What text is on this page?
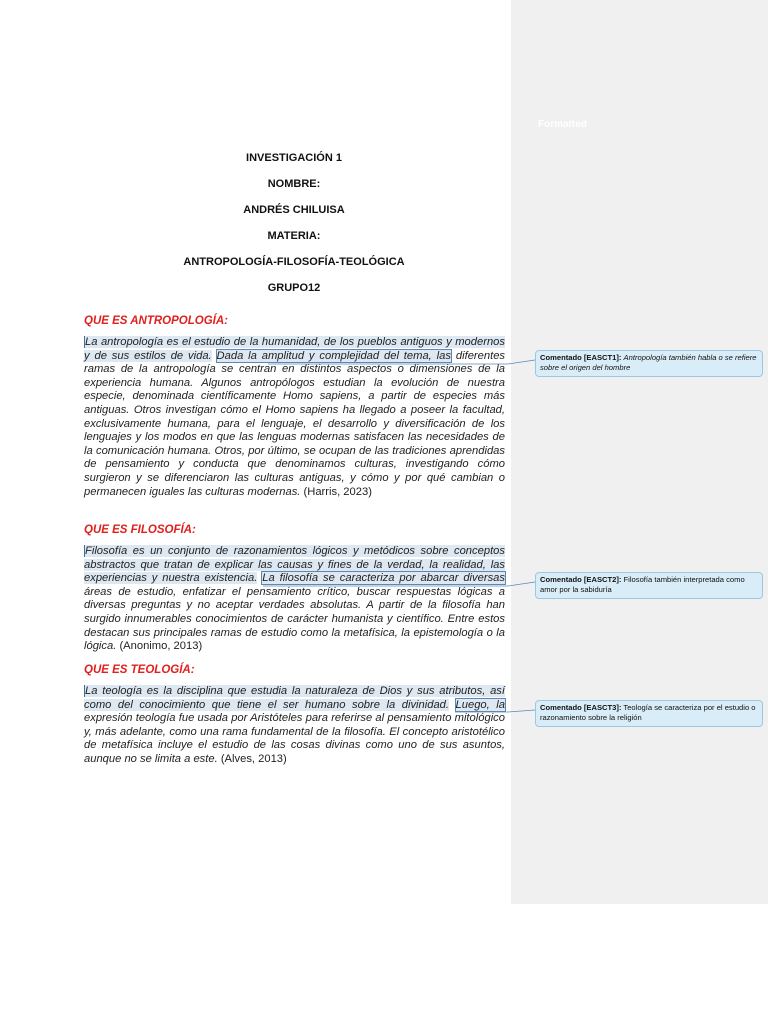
Formatted
INVESTIGACIÓN 1
NOMBRE:
ANDRÉS CHILUISA
MATERIA:
ANTROPOLOGÍA-FILOSOFÍA-TEOLÓGICA
GRUPO12
QUE ES ANTROPOLOGÍA:
La antropología es el estudio de la humanidad, de los pueblos antiguos y modernos y de sus estilos de vida. Dada la amplitud y complejidad del tema, las diferentes ramas de la antropología se centran en distintos aspectos o dimensiones de la experiencia humana. Algunos antropólogos estudian la evolución de nuestra especie, denominada científicamente Homo sapiens, a partir de especies más antiguas. Otros investigan cómo el Homo sapiens ha llegado a poseer la facultad, exclusivamente humana, para el lenguaje, el desarrollo y diversificación de los lenguajes y los modos en que las lenguas modernas satisfacen las necesidades de la comunicación humana. Otros, por último, se ocupan de las tradiciones aprendidas de pensamiento y conducta que denominamos culturas, investigando cómo surgieron y se diferenciaron las culturas antiguas, y cómo y por qué cambian o permanecen iguales las culturas modernas. (Harris, 2023)
QUE ES FILOSOFÍA:
Filosofía es un conjunto de razonamientos lógicos y metódicos sobre conceptos abstractos que tratan de explicar las causas y fines de la verdad, la realidad, las experiencias y nuestra existencia. La filosofía se caracteriza por abarcar diversas áreas de estudio, enfatizar el pensamiento crítico, buscar respuestas lógicas a diversas preguntas y no aceptar verdades absolutas. A partir de la filosofía han surgido innumerables conocimientos de carácter humanista y científico. Entre estos destacan sus principales ramas de estudio como la metafísica, la epistemología o la lógica. (Anonimo, 2013)
QUE ES TEOLOGÍA:
La teología es la disciplina que estudia la naturaleza de Dios y sus atributos, así como del conocimiento que tiene el ser humano sobre la divinidad. Luego, la expresión teología fue usada por Aristóteles para referirse al pensamiento mitológico y, más adelante, como una rama fundamental de la filosofía. El concepto aristotélico de metafísica incluye el estudio de las cosas divinas como uno de sus asuntos, aunque no se limita a este. (Alves, 2013)
Comentado [EASCT1]: Antropología también habla o se refiere sobre el origen del hombre
Comentado [EASCT2]: Filosofía también interpretada como amor por la sabiduría
Comentado [EASCT3]: Teología se caracteriza por el estudio o razonamiento sobre la religión
